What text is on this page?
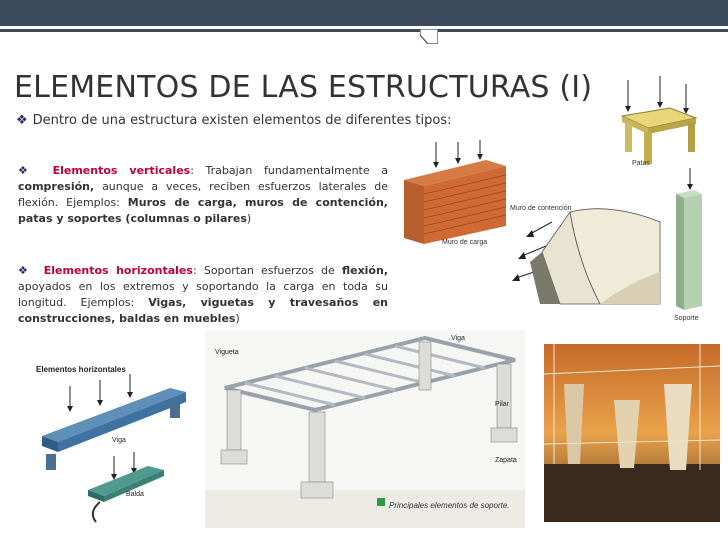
ELEMENTOS DE LAS ESTRUCTURAS (I)
❖ Dentro de una estructura existen elementos de diferentes tipos:
❖ Elementos verticales: Trabajan fundamentalmente a compresión, aunque a veces, reciben esfuerzos laterales de flexión. Ejemplos: Muros de carga, muros de contención, patas y soportes (columnas o pilares)
❖ Elementos horizontales: Soportan esfuerzos de flexión, apoyados en los extremos y soportando la carga en toda su longitud. Ejemplos: Vigas, viguetas y travesaños en construcciones, baldas en muebles)
Patas
Muro de carga
Muro de contención
Soporte
Elementos horizontales
Viga
Balda
Vigueta
Viga
Pilar
Zapata
Principales elementos de soporte.
